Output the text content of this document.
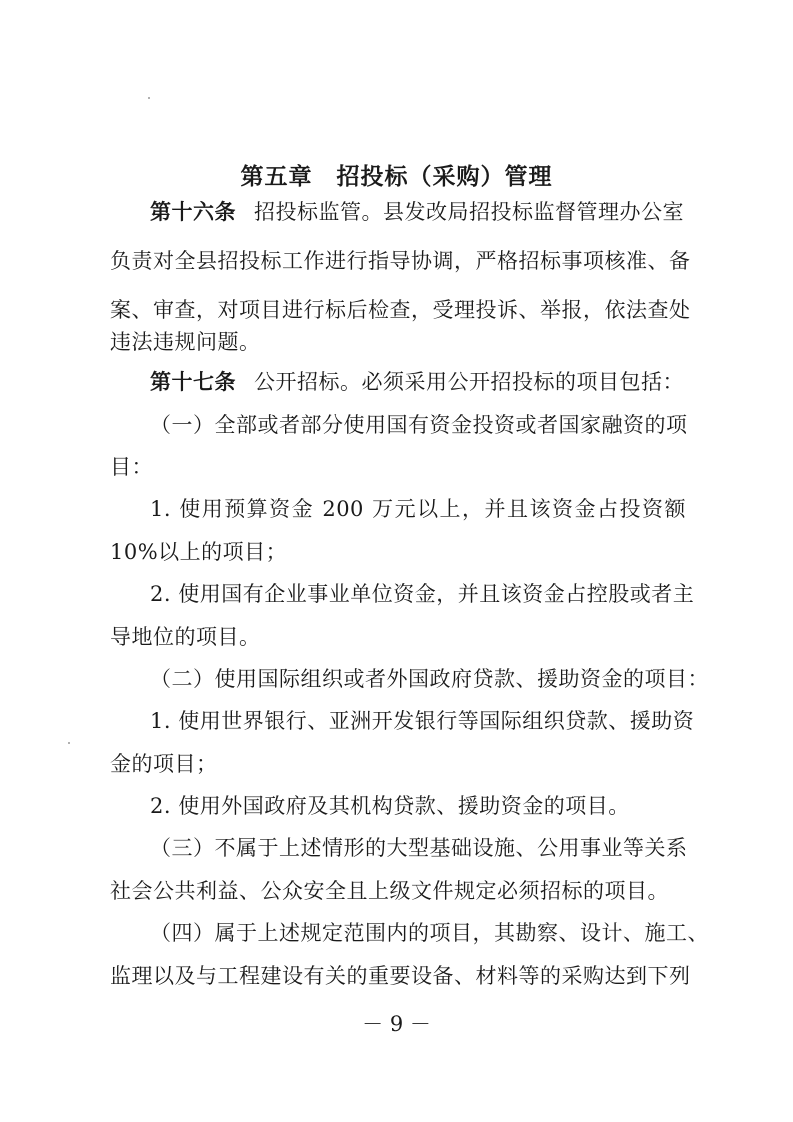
第五章　招投标（采购）管理
第十六条 招投标监管。县发改局招投标监督管理办公室
负责对全县招投标工作进行指导协调，严格招标事项核准、备
案、审查，对项目进行标后检查，受理投诉、举报，依法查处
违法违规问题。
第十七条 公开招标。必须采用公开招投标的项目包括：
（一）全部或者部分使用国有资金投资或者国家融资的项
目：
1. 使用预算资金 200 万元以上，并且该资金占投资额
10%以上的项目；
2. 使用国有企业事业单位资金，并且该资金占控股或者主
导地位的项目。
（二）使用国际组织或者外国政府贷款、援助资金的项目：
1. 使用世界银行、亚洲开发银行等国际组织贷款、援助资
金的项目；
2. 使用外国政府及其机构贷款、援助资金的项目。
（三）不属于上述情形的大型基础设施、公用事业等关系
社会公共利益、公众安全且上级文件规定必须招标的项目。
（四）属于上述规定范围内的项目，其勘察、设计、施工、
监理以及与工程建设有关的重要设备、材料等的采购达到下列
－ 9 －
